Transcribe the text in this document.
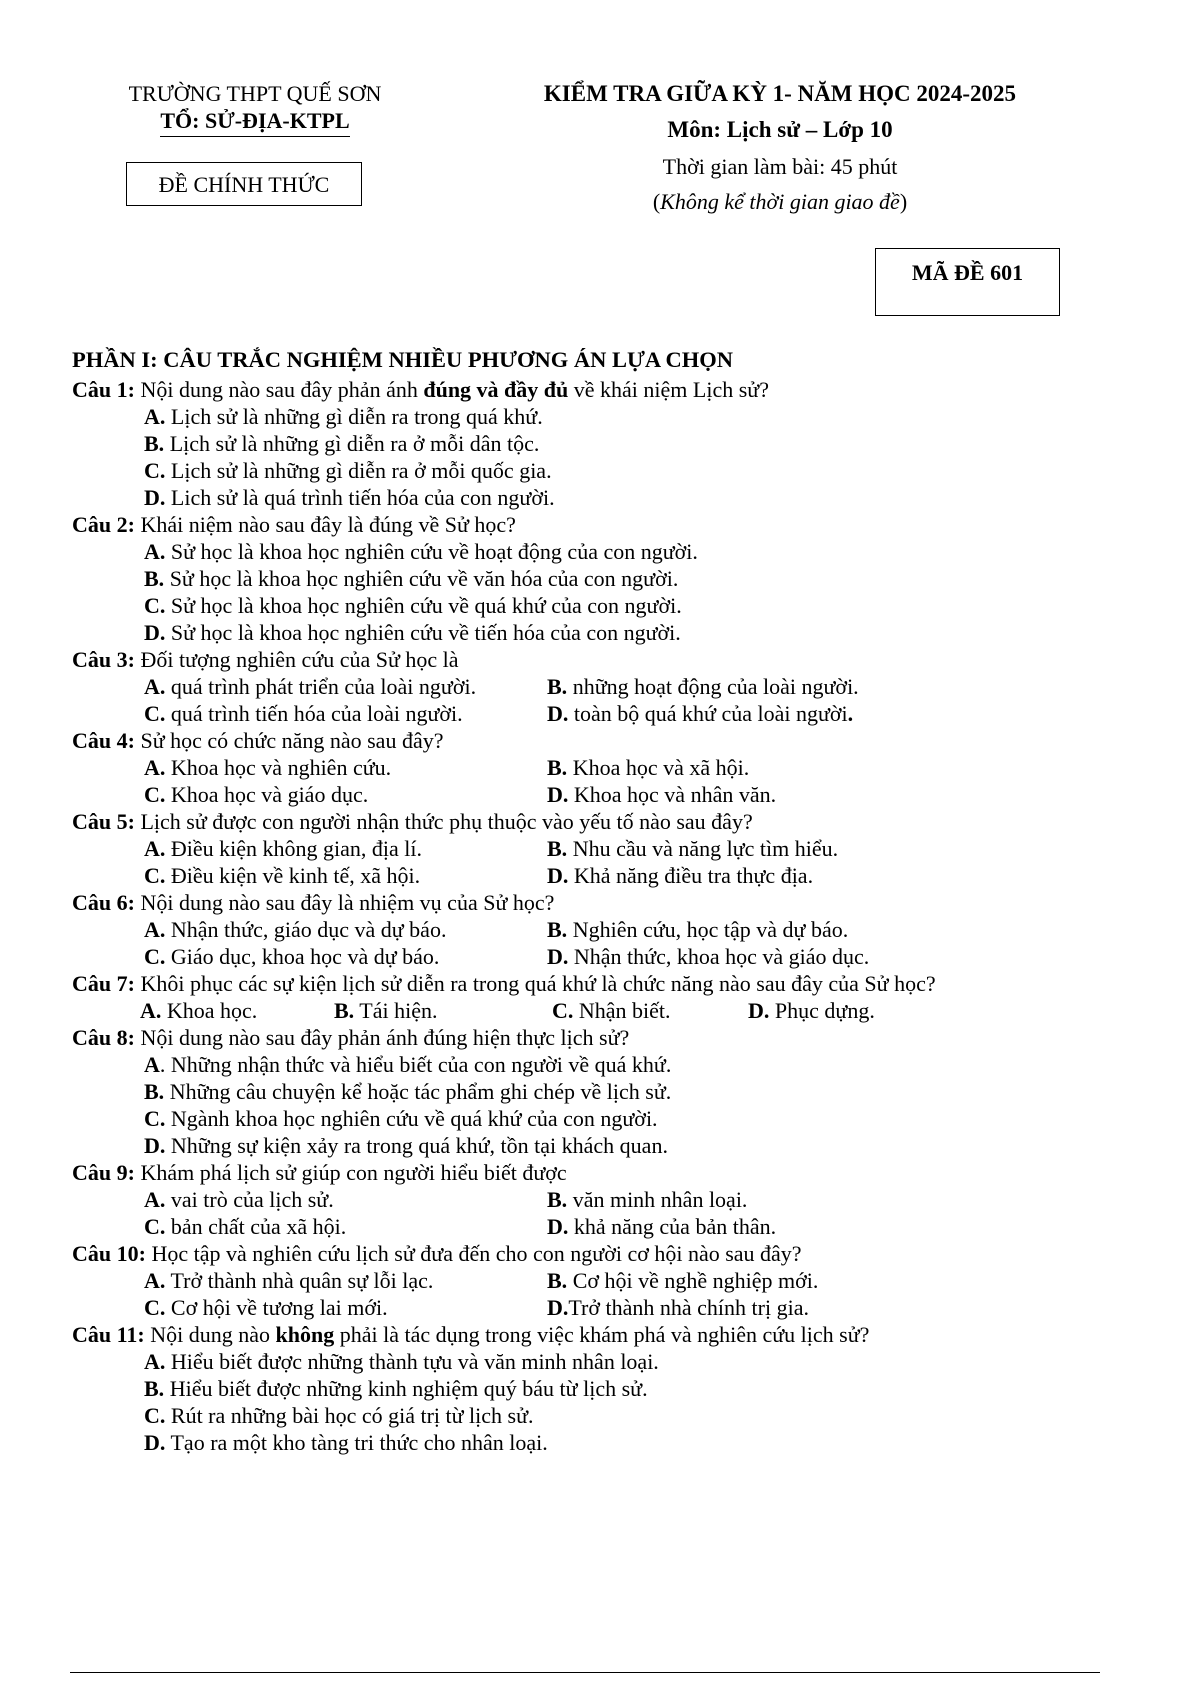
TRƯỜNG THPT QUẾ SƠN
TỔ: SỬ-ĐỊA-KTPL
ĐỀ CHÍNH THỨC
KIỂM TRA GIỮA KỲ 1- NĂM HỌC 2024-2025
Môn: Lịch sử – Lớp 10
Thời gian làm bài: 45 phút
(Không kể thời gian giao đề)
MÃ ĐỀ 601
PHẦN I: CÂU TRẮC NGHIỆM NHIỀU PHƯƠNG ÁN LỰA CHỌN
Câu 1: Nội dung nào sau đây phản ánh đúng và đầy đủ về khái niệm Lịch sử?
A. Lịch sử là những gì diễn ra trong quá khứ.
B. Lịch sử là những gì diễn ra ở mỗi dân tộc.
C. Lịch sử là những gì diễn ra ở mỗi quốc gia.
D. Lich sử là quá trình tiến hóa của con người.
Câu 2: Khái niệm nào sau đây là đúng về Sử học?
A. Sử học là khoa học nghiên cứu về hoạt động của con người.
B. Sử học là khoa học nghiên cứu về văn hóa của con người.
C. Sử học là khoa học nghiên cứu về quá khứ của con người.
D. Sử học là khoa học nghiên cứu về tiến hóa của con người.
Câu 3: Đối tượng nghiên cứu của Sử học là
A. quá trình phát triển của loài người.	B. những hoạt động của loài người.
C. quá trình tiến hóa của loài người.	D. toàn bộ quá khứ của loài người.
Câu 4: Sử học có chức năng nào sau đây?
A. Khoa học và nghiên cứu.	B. Khoa học và xã hội.
C. Khoa học và giáo dục.	D. Khoa học và nhân văn.
Câu 5: Lịch sử được con người nhận thức phụ thuộc vào yếu tố nào sau đây?
A. Điều kiện không gian, địa lí.	B. Nhu cầu và năng lực tìm hiểu.
C. Điều kiện về kinh tế, xã hội.	D. Khả năng điều tra thực địa.
Câu 6: Nội dung nào sau đây là nhiệm vụ của Sử học?
A. Nhận thức, giáo dục và dự báo.	B. Nghiên cứu, học tập và dự báo.
C. Giáo dục, khoa học và dự báo.	D. Nhận thức, khoa học và giáo dục.
Câu 7: Khôi phục các sự kiện lịch sử diễn ra trong quá khứ là chức năng nào sau đây của Sử học?
A. Khoa học.	B. Tái hiện.	C. Nhận biết.	D. Phục dựng.
Câu 8: Nội dung nào sau đây phản ánh đúng hiện thực lịch sử?
A. Những nhận thức và hiểu biết của con người về quá khứ.
B. Những câu chuyện kể hoặc tác phẩm ghi chép về lịch sử.
C. Ngành khoa học nghiên cứu về quá khứ của con người.
D. Những sự kiện xảy ra trong quá khứ, tồn tại khách quan.
Câu 9: Khám phá lịch sử giúp con người hiểu biết được
A. vai trò của lịch sử.	B. văn minh nhân loại.
C. bản chất của xã hội.	D. khả năng của bản thân.
Câu 10: Học tập và nghiên cứu lịch sử đưa đến cho con người cơ hội nào sau đây?
A. Trở thành nhà quân sự lỗi lạc.	B. Cơ hội về nghề nghiệp mới.
C. Cơ hội về tương lai mới.	D.Trở thành nhà chính trị gia.
Câu 11: Nội dung nào không phải là tác dụng trong việc khám phá và nghiên cứu lịch sử?
A. Hiểu biết được những thành tựu và văn minh nhân loại.
B. Hiểu biết được những kinh nghiệm quý báu từ lịch sử.
C. Rút ra những bài học có giá trị từ lịch sử.
D. Tạo ra một kho tàng tri thức cho nhân loại.
